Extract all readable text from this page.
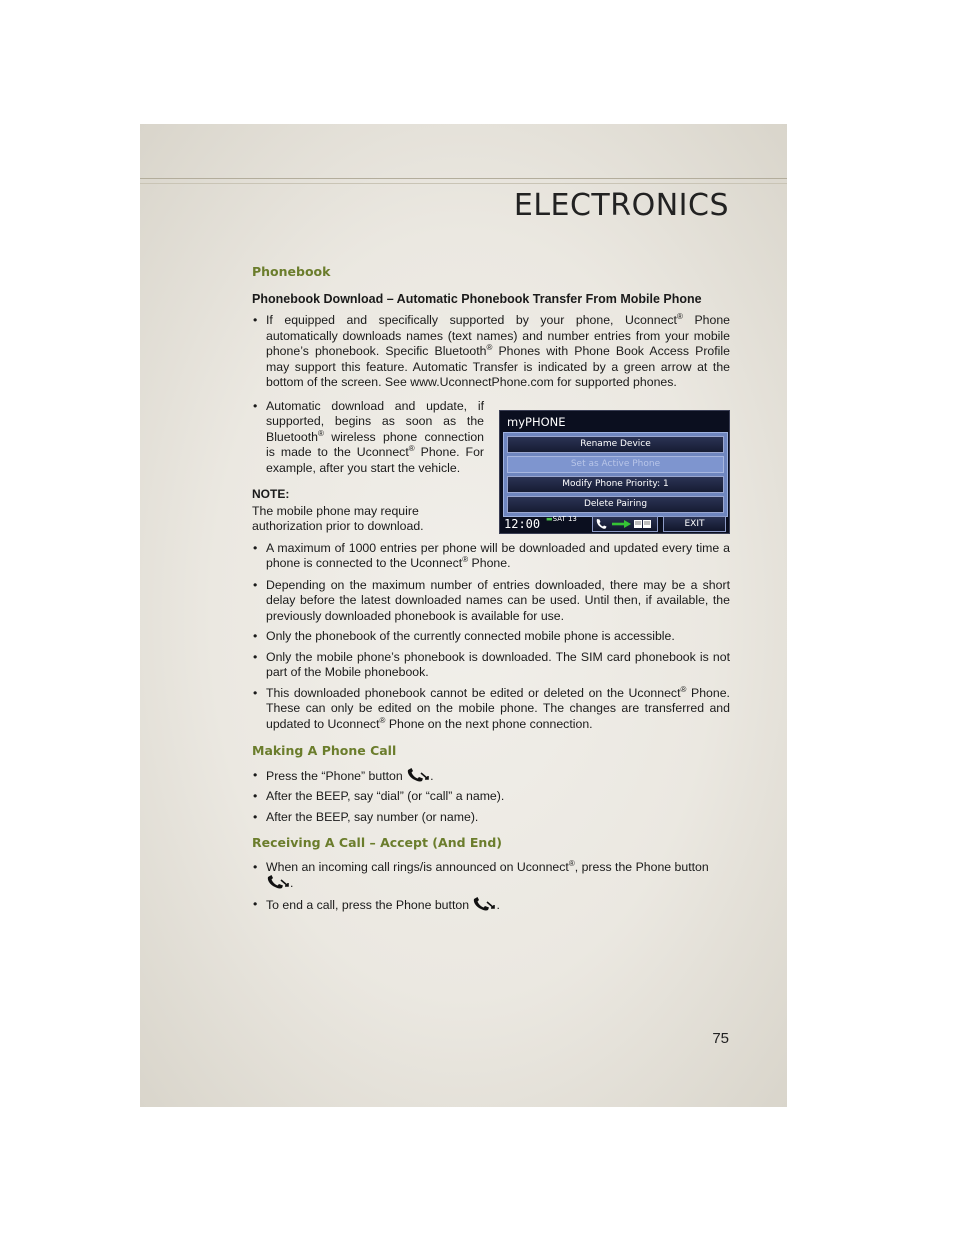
ELECTRONICS

Phonebook

Phonebook Download – Automatic Phonebook Transfer From Mobile Phone

• If equipped and specifically supported by your phone, Uconnect® Phone automatically downloads names (text names) and number entries from your mobile phone’s phonebook. Specific Bluetooth® Phones with Phone Book Access Profile may support this feature. Automatic Transfer is indicated by a green arrow at the bottom of the screen. See www.UconnectPhone.com for supported phones.

• Automatic download and update, if supported, begins as soon as the Bluetooth® wireless phone connection is made to the Uconnect® Phone. For example, after you start the vehicle.

NOTE:

The mobile phone may require authorization prior to download.

• A maximum of 1000 entries per phone will be downloaded and updated every time a phone is connected to the Uconnect® Phone.

• Depending on the maximum number of entries downloaded, there may be a short delay before the latest downloaded names can be used. Until then, if available, the previously downloaded phonebook is available for use.

• Only the phonebook of the currently connected mobile phone is accessible.

• Only the mobile phone’s phonebook is downloaded. The SIM card phonebook is not part of the Mobile phonebook.

• This downloaded phonebook cannot be edited or deleted on the Uconnect® Phone. These can only be edited on the mobile phone. The changes are transferred and updated to Uconnect® Phone on the next phone connection.

Making A Phone Call

• Press the “Phone” button .

• After the BEEP, say “dial” (or “call” a name).

• After the BEEP, say number (or name).

Receiving A Call – Accept (And End)

• When an incoming call rings/is announced on Uconnect®, press the Phone button
.

• To end a call, press the Phone button .

myPHONE
Rename Device
Set as Active Phone
Modify Phone Priority: 1
Delete Pairing
12:00 ▬SAT 13	EXIT
75
